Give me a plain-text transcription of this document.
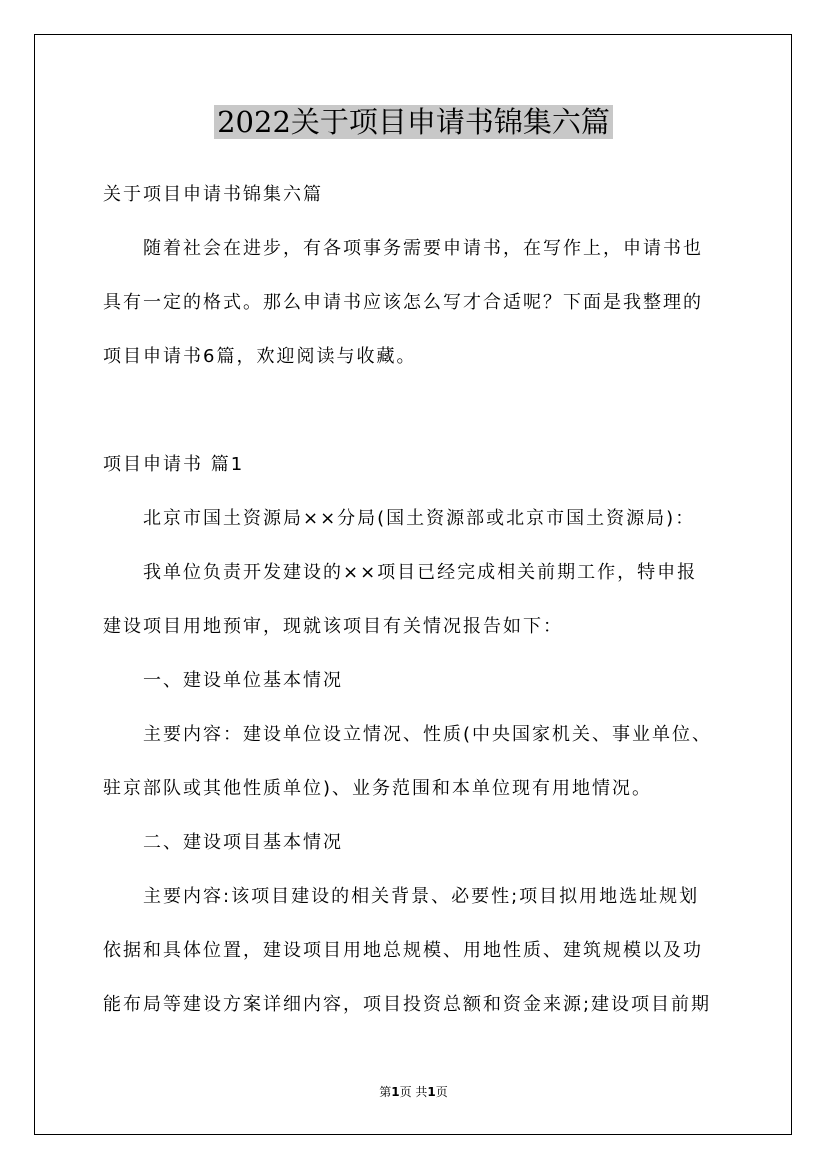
2022关于项目申请书锦集六篇
关于项目申请书锦集六篇
随着社会在进步，有各项事务需要申请书，在写作上，申请书也
具有一定的格式。那么申请书应该怎么写才合适呢？下面是我整理的
项目申请书6篇，欢迎阅读与收藏。
项目申请书 篇1
北京市国土资源局××分局(国土资源部或北京市国土资源局)：
我单位负责开发建设的××项目已经完成相关前期工作，特申报
建设项目用地预审，现就该项目有关情况报告如下：
一、建设单位基本情况
主要内容：建设单位设立情况、性质(中央国家机关、事业单位、
驻京部队或其他性质单位)、业务范围和本单位现有用地情况。
二、建设项目基本情况
主要内容:该项目建设的相关背景、必要性;项目拟用地选址规划
依据和具体位置，建设项目用地总规模、用地性质、建筑规模以及功
能布局等建设方案详细内容，项目投资总额和资金来源;建设项目前期
第1页 共1页
